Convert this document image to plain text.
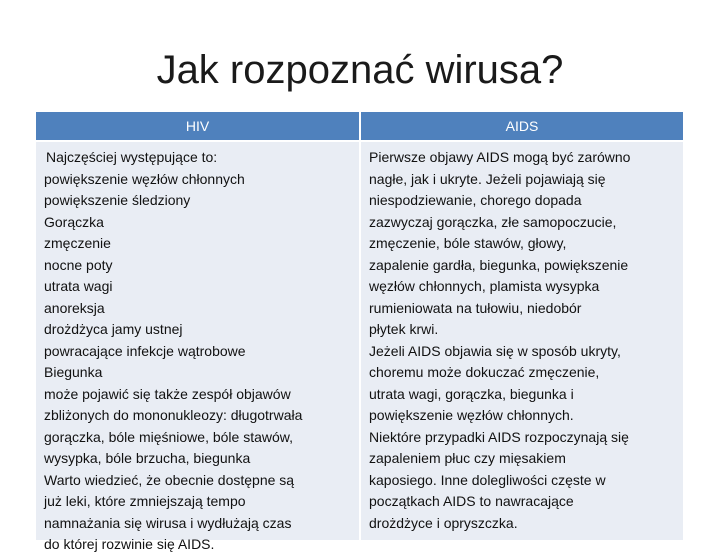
Jak rozpoznać wirusa?
HIV	AIDS
Najczęściej występujące to:
powiększenie węzłów chłonnych
powiększenie śledziony
Gorączka
zmęczenie
nocne poty
utrata wagi
anoreksja
drożdżyca jamy ustnej
powracające infekcje wątrobowe
Biegunka
może pojawić się także zespół objawów
zbliżonych do mononukleozy: długotrwała
gorączka, bóle mięśniowe, bóle stawów,
wysypka, bóle brzucha, biegunka
Warto wiedzieć, że obecnie dostępne są
już leki, które zmniejszają tempo
namnażania się wirusa i wydłużają czas
do której rozwinie się AIDS.
Pierwsze objawy AIDS mogą być zarówno
nagłe, jak i ukryte. Jeżeli pojawiają się
niespodziewanie, chorego dopada
zazwyczaj gorączka, złe samopoczucie,
zmęczenie, bóle stawów, głowy,
zapalenie gardła, biegunka, powiększenie
węzłów chłonnych, plamista wysypka
rumieniowata na tułowiu, niedobór
płytek krwi.
Jeżeli AIDS objawia się w sposób ukryty,
choremu może dokuczać zmęczenie,
utrata wagi, gorączka, biegunka i
powiększenie węzłów chłonnych.
Niektóre przypadki AIDS rozpoczynają się
zapaleniem płuc czy mięsakiem
kaposiego. Inne dolegliwości częste w
początkach AIDS to nawracające
drożdżyce i opryszczka.
